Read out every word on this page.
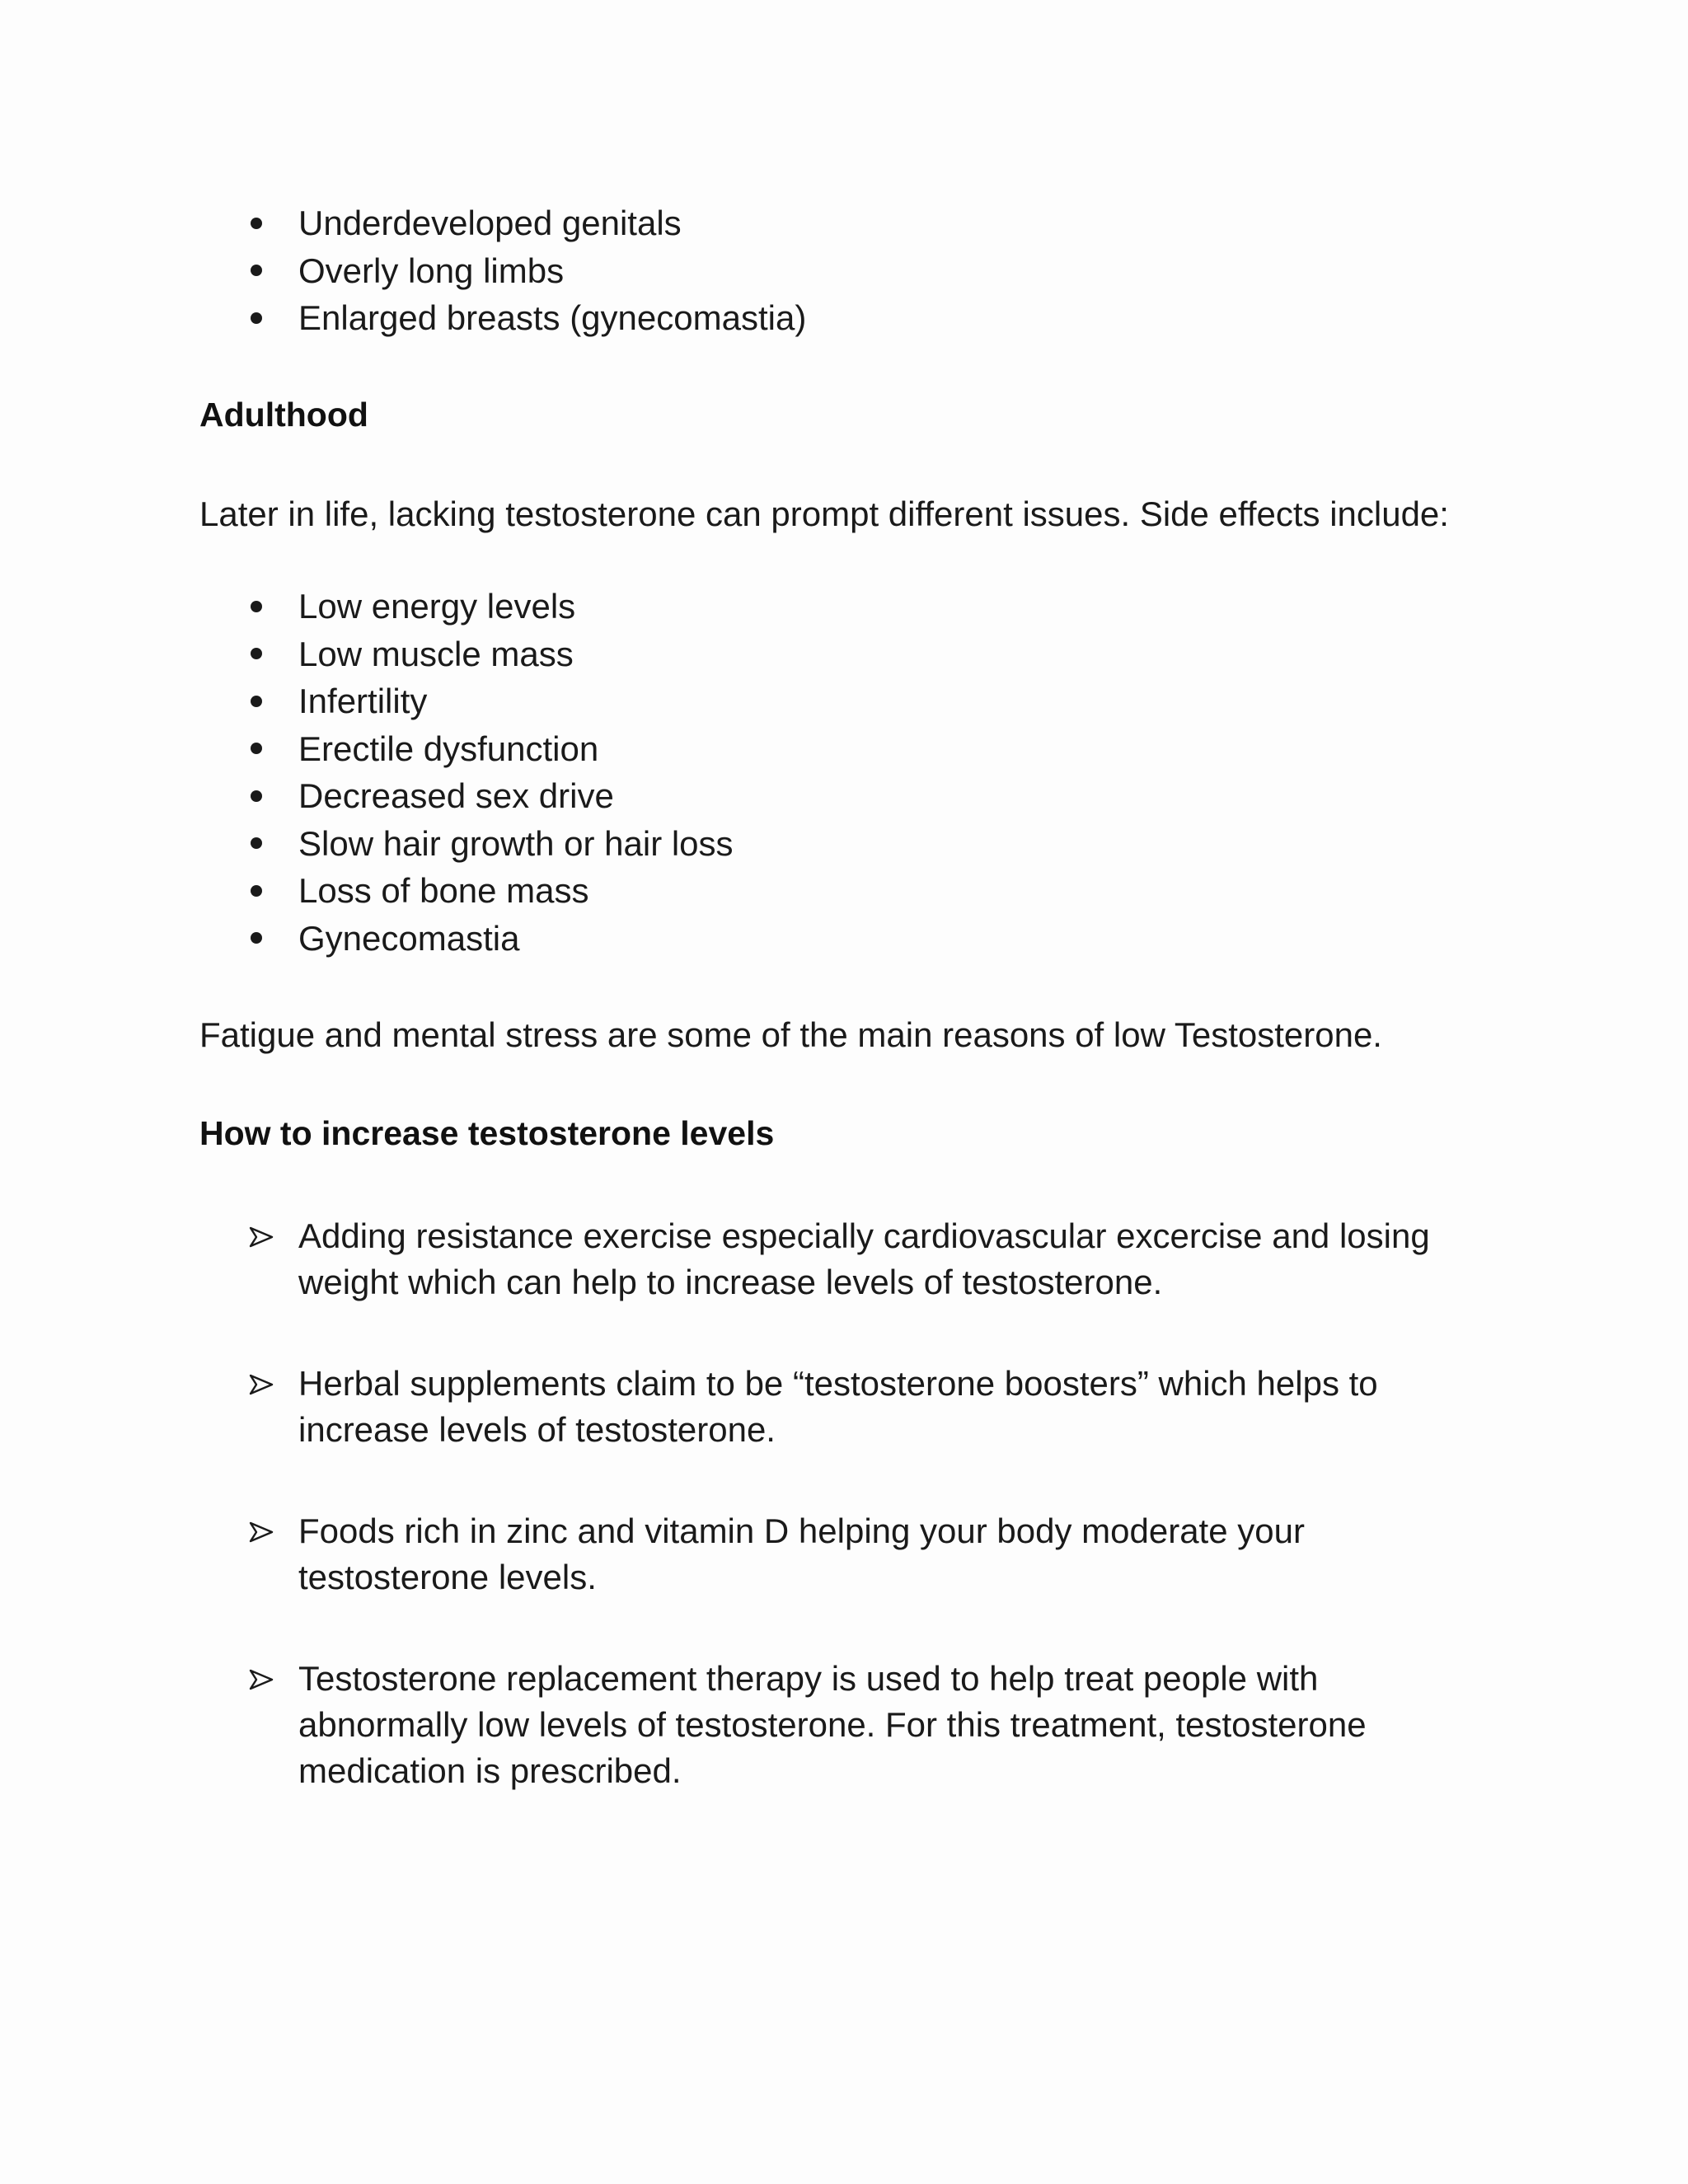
Underdeveloped genitals
Overly long limbs
Enlarged breasts (gynecomastia)
Adulthood
Later in life, lacking testosterone can prompt different issues. Side effects include:
Low energy levels
Low muscle mass
Infertility
Erectile dysfunction
Decreased sex drive
Slow hair growth or hair loss
Loss of bone mass
Gynecomastia
Fatigue and mental stress are some of the main reasons of low Testosterone.
How to increase testosterone levels
Adding resistance exercise especially cardiovascular excercise and losing weight which can help to increase levels of testosterone.
Herbal supplements claim to be “testosterone boosters” which helps to increase levels of testosterone.
Foods rich in zinc and vitamin D helping your body moderate your testosterone levels.
Testosterone replacement therapy is used to help treat people with abnormally low levels of testosterone. For this treatment, testosterone medication is prescribed.
